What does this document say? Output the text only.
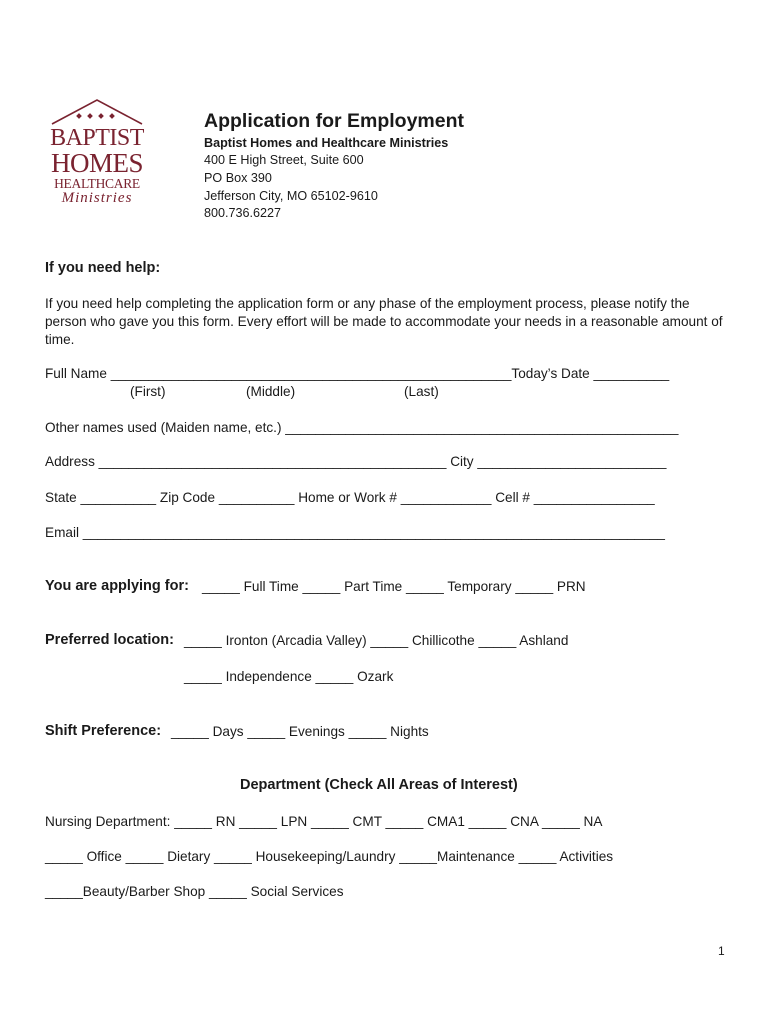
BAPTIST
HOMES
HEALTHCARE
Ministries
Application for Employment
Baptist Homes and Healthcare Ministries
400 E High Street, Suite 600
PO Box 390
Jefferson City, MO 65102-9610
800.736.6227
If you need help:
If you need help completing the application form or any phase of the employment process, please notify the person who gave you this form. Every effort will be made to accommodate your needs in a reasonable amount of time.
Full Name _____________________________________________________Today’s Date __________
(First)	(Middle)	(Last)
Other names used (Maiden name, etc.) ____________________________________________________
Address ______________________________________________ City _________________________
State __________ Zip Code __________ Home or Work # ____________ Cell # ________________
Email _____________________________________________________________________________
You are applying for: _____ Full Time _____ Part Time _____ Temporary _____ PRN
Preferred location: _____ Ironton (Arcadia Valley) _____ Chillicothe _____ Ashland
_____ Independence _____ Ozark
Shift Preference: _____ Days _____ Evenings _____ Nights
Department (Check All Areas of Interest)
Nursing Department: _____ RN _____ LPN _____ CMT _____ CMA1 _____ CNA _____ NA
_____ Office _____ Dietary _____ Housekeeping/Laundry _____Maintenance _____ Activities
_____Beauty/Barber Shop _____ Social Services
1
